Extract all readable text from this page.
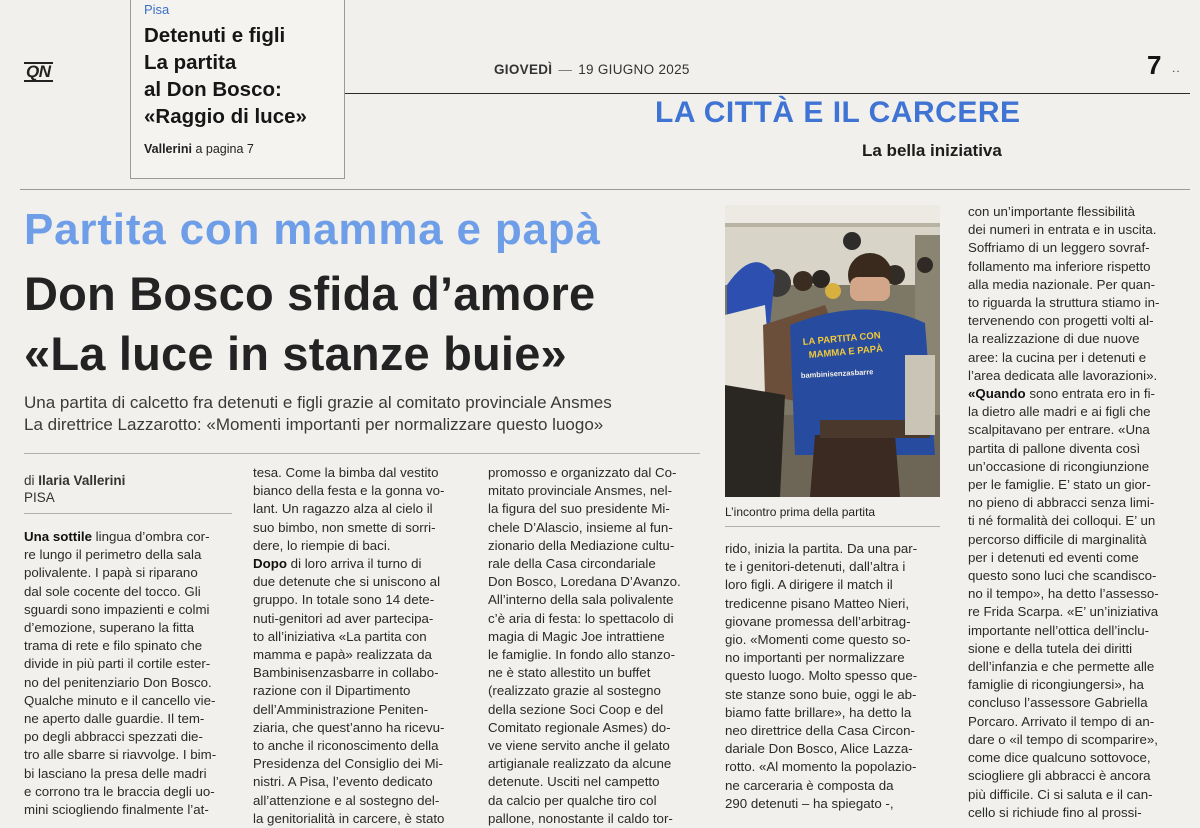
Pisa
Detenuti e figli
La partita
al Don Bosco:
«Raggio di luce»
Vallerini a pagina 7
QN	GIOVEDÌ — 19 GIUGNO 2025	7 ..
LA CITTÀ E IL CARCERE
La bella iniziativa
Partita con mamma e papà
Don Bosco sfida d’amore
«La luce in stanze buie»
Una partita di calcetto fra detenuti e figli grazie al comitato provinciale Ansmes
La direttrice Lazzarotto: «Momenti importanti per normalizzare questo luogo»
di Ilaria Vallerini
PISA

Una sottile lingua d’ombra cor-

re lungo il perimetro della sala

polivalente. I papà si riparano

dal sole cocente del tocco. Gli

sguardi sono impazienti e colmi

d’emozione, superano la fitta

trama di rete e filo spinato che

divide in più parti il cortile ester-

no del penitenziario Don Bosco.

Qualche minuto e il cancello vie-

ne aperto dalle guardie. Il tem-

po degli abbracci spezzati die-

tro alle sbarre si riavvolge. I bim-

bi lasciano la presa delle madri

e corrono tra le braccia degli uo-

mini sciogliendo finalmente l’at-

tesa. Come la bimba dal vestito

bianco della festa e la gonna vo-

lant. Un ragazzo alza al cielo il

suo bimbo, non smette di sorri-

dere, lo riempie di baci.

Dopo di loro arriva il turno di

due detenute che si uniscono al

gruppo. In totale sono 14 dete-

nuti-genitori ad aver partecipa-

to all’iniziativa «La partita con

mamma e papà» realizzata da

Bambinisenzasbarre in collabo-

razione con il Dipartimento

dell’Amministrazione Peniten-

ziaria, che quest’anno ha ricevu-

to anche il riconoscimento della

Presidenza del Consiglio dei Mi-

nistri. A Pisa, l’evento dedicato

all’attenzione e al sostegno del-

la genitorialità in carcere, è stato

promosso e organizzato dal Co-

mitato provinciale Ansmes, nel-

la figura del suo presidente Mi-

chele D’Alascio, insieme al fun-

zionario della Mediazione cultu-

rale della Casa circondariale

Don Bosco, Loredana D’Avanzo.

All’interno della sala polivalente

c’è aria di festa: lo spettacolo di

magia di Magic Joe intrattiene

le famiglie. In fondo allo stanzo-

ne è stato allestito un buffet

(realizzato grazie al sostegno

della sezione Soci Coop e del

Comitato regionale Asmes) do-

ve viene servito anche il gelato

artigianale realizzato da alcune

detenute. Usciti nel campetto

da calcio per qualche tiro col

pallone, nonostante il caldo tor-

LA PARTITA CON
MAMMA E PAPÀ
bambinisenzasbarre
L’incontro prima della partita

rido, inizia la partita. Da una par-

te i genitori-detenuti, dall’altra i

loro figli. A dirigere il match il

tredicenne pisano Matteo Nieri,

giovane promessa dell’arbitrag-

gio. «Momenti come questo so-

no importanti per normalizzare

questo luogo. Molto spesso que-

ste stanze sono buie, oggi le ab-

biamo fatte brillare», ha detto la

neo direttrice della Casa Circon-

dariale Don Bosco, Alice Lazza-

rotto. «Al momento la popolazio-

ne carceraria è composta da

290 detenuti – ha spiegato -,

con un’importante flessibilità

dei numeri in entrata e in uscita.

Soffriamo di un leggero sovraf-

follamento ma inferiore rispetto

alla media nazionale. Per quan-

to riguarda la struttura stiamo in-

tervenendo con progetti volti al-

la realizzazione di due nuove

aree: la cucina per i detenuti e

l’area dedicata alle lavorazioni».

«Quando sono entrata ero in fi-

la dietro alle madri e ai figli che

scalpitavano per entrare. «Una

partita di pallone diventa così

un’occasione di ricongiunzione

per le famiglie. E’ stato un gior-

no pieno di abbracci senza limi-

ti né formalità dei colloqui. E’ un

percorso difficile di marginalità

per i detenuti ed eventi come

questo sono luci che scandisco-

no il tempo», ha detto l’assesso-

re Frida Scarpa. «E’ un’iniziativa

importante nell’ottica dell’inclu-

sione e della tutela dei diritti

dell’infanzia e che permette alle

famiglie di ricongiungersi», ha

concluso l’assessore Gabriella

Porcaro. Arrivato il tempo di an-

dare o «il tempo di scomparire»,

come dice qualcuno sottovoce,

sciogliere gli abbracci è ancora

più difficile. Ci si saluta e il can-

cello si richiude fino al prossi-
